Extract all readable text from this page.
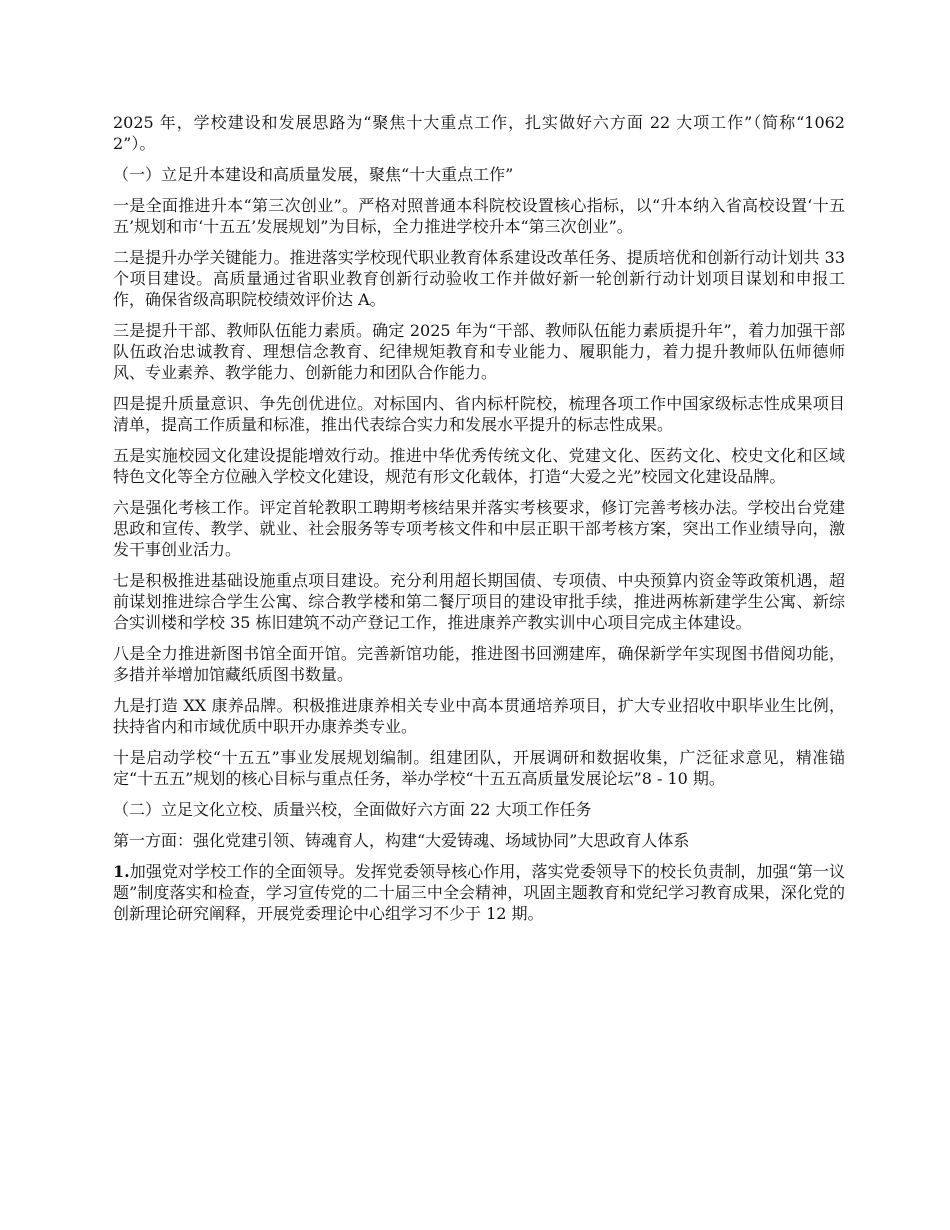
2025 年，学校建设和发展思路为“聚焦十大重点工作，扎实做好六方面 22 大项工作”（简称“10622”）。

（一）立足升本建设和高质量发展，聚焦“十大重点工作”

一是全面推进升本“第三次创业”。严格对照普通本科院校设置核心指标，以“升本纳入省高校设置‘十五五’规划和市‘十五五’发展规划”为目标，全力推进学校升本“第三次创业”。

二是提升办学关键能力。推进落实学校现代职业教育体系建设改革任务、提质培优和创新行动计划共 33 个项目建设。高质量通过省职业教育创新行动验收工作并做好新一轮创新行动计划项目谋划和申报工作，确保省级高职院校绩效评价达 A。

三是提升干部、教师队伍能力素质。确定 2025 年为“干部、教师队伍能力素质提升年”，着力加强干部队伍政治忠诚教育、理想信念教育、纪律规矩教育和专业能力、履职能力，着力提升教师队伍师德师风、专业素养、教学能力、创新能力和团队合作能力。

四是提升质量意识、争先创优进位。对标国内、省内标杆院校，梳理各项工作中国家级标志性成果项目清单，提高工作质量和标准，推出代表综合实力和发展水平提升的标志性成果。

五是实施校园文化建设提能增效行动。推进中华优秀传统文化、党建文化、医药文化、校史文化和区域特色文化等全方位融入学校文化建设，规范有形文化载体，打造“大爱之光”校园文化建设品牌。

六是强化考核工作。评定首轮教职工聘期考核结果并落实考核要求，修订完善考核办法。学校出台党建思政和宣传、教学、就业、社会服务等专项考核文件和中层正职干部考核方案，突出工作业绩导向，激发干事创业活力。

七是积极推进基础设施重点项目建设。充分利用超长期国债、专项债、中央预算内资金等政策机遇，超前谋划推进综合学生公寓、综合教学楼和第二餐厅项目的建设审批手续，推进两栋新建学生公寓、新综合实训楼和学校 35 栋旧建筑不动产登记工作，推进康养产教实训中心项目完成主体建设。

八是全力推进新图书馆全面开馆。完善新馆功能，推进图书回溯建库，确保新学年实现图书借阅功能，多措并举增加馆藏纸质图书数量。

九是打造 XX 康养品牌。积极推进康养相关专业中高本贯通培养项目，扩大专业招收中职毕业生比例，扶持省内和市域优质中职开办康养类专业。

十是启动学校“十五五”事业发展规划编制。组建团队，开展调研和数据收集，广泛征求意见，精准锚定“十五五”规划的核心目标与重点任务，举办学校“十五五高质量发展论坛”8 - 10 期。

（二）立足文化立校、质量兴校，全面做好六方面 22 大项工作任务

第一方面：强化党建引领、铸魂育人，构建“大爱铸魂、场域协同”大思政育人体系

1.加强党对学校工作的全面领导。发挥党委领导核心作用，落实党委领导下的校长负责制，加强“第一议题”制度落实和检查，学习宣传党的二十届三中全会精神，巩固主题教育和党纪学习教育成果，深化党的创新理论研究阐释，开展党委理论中心组学习不少于 12 期。
